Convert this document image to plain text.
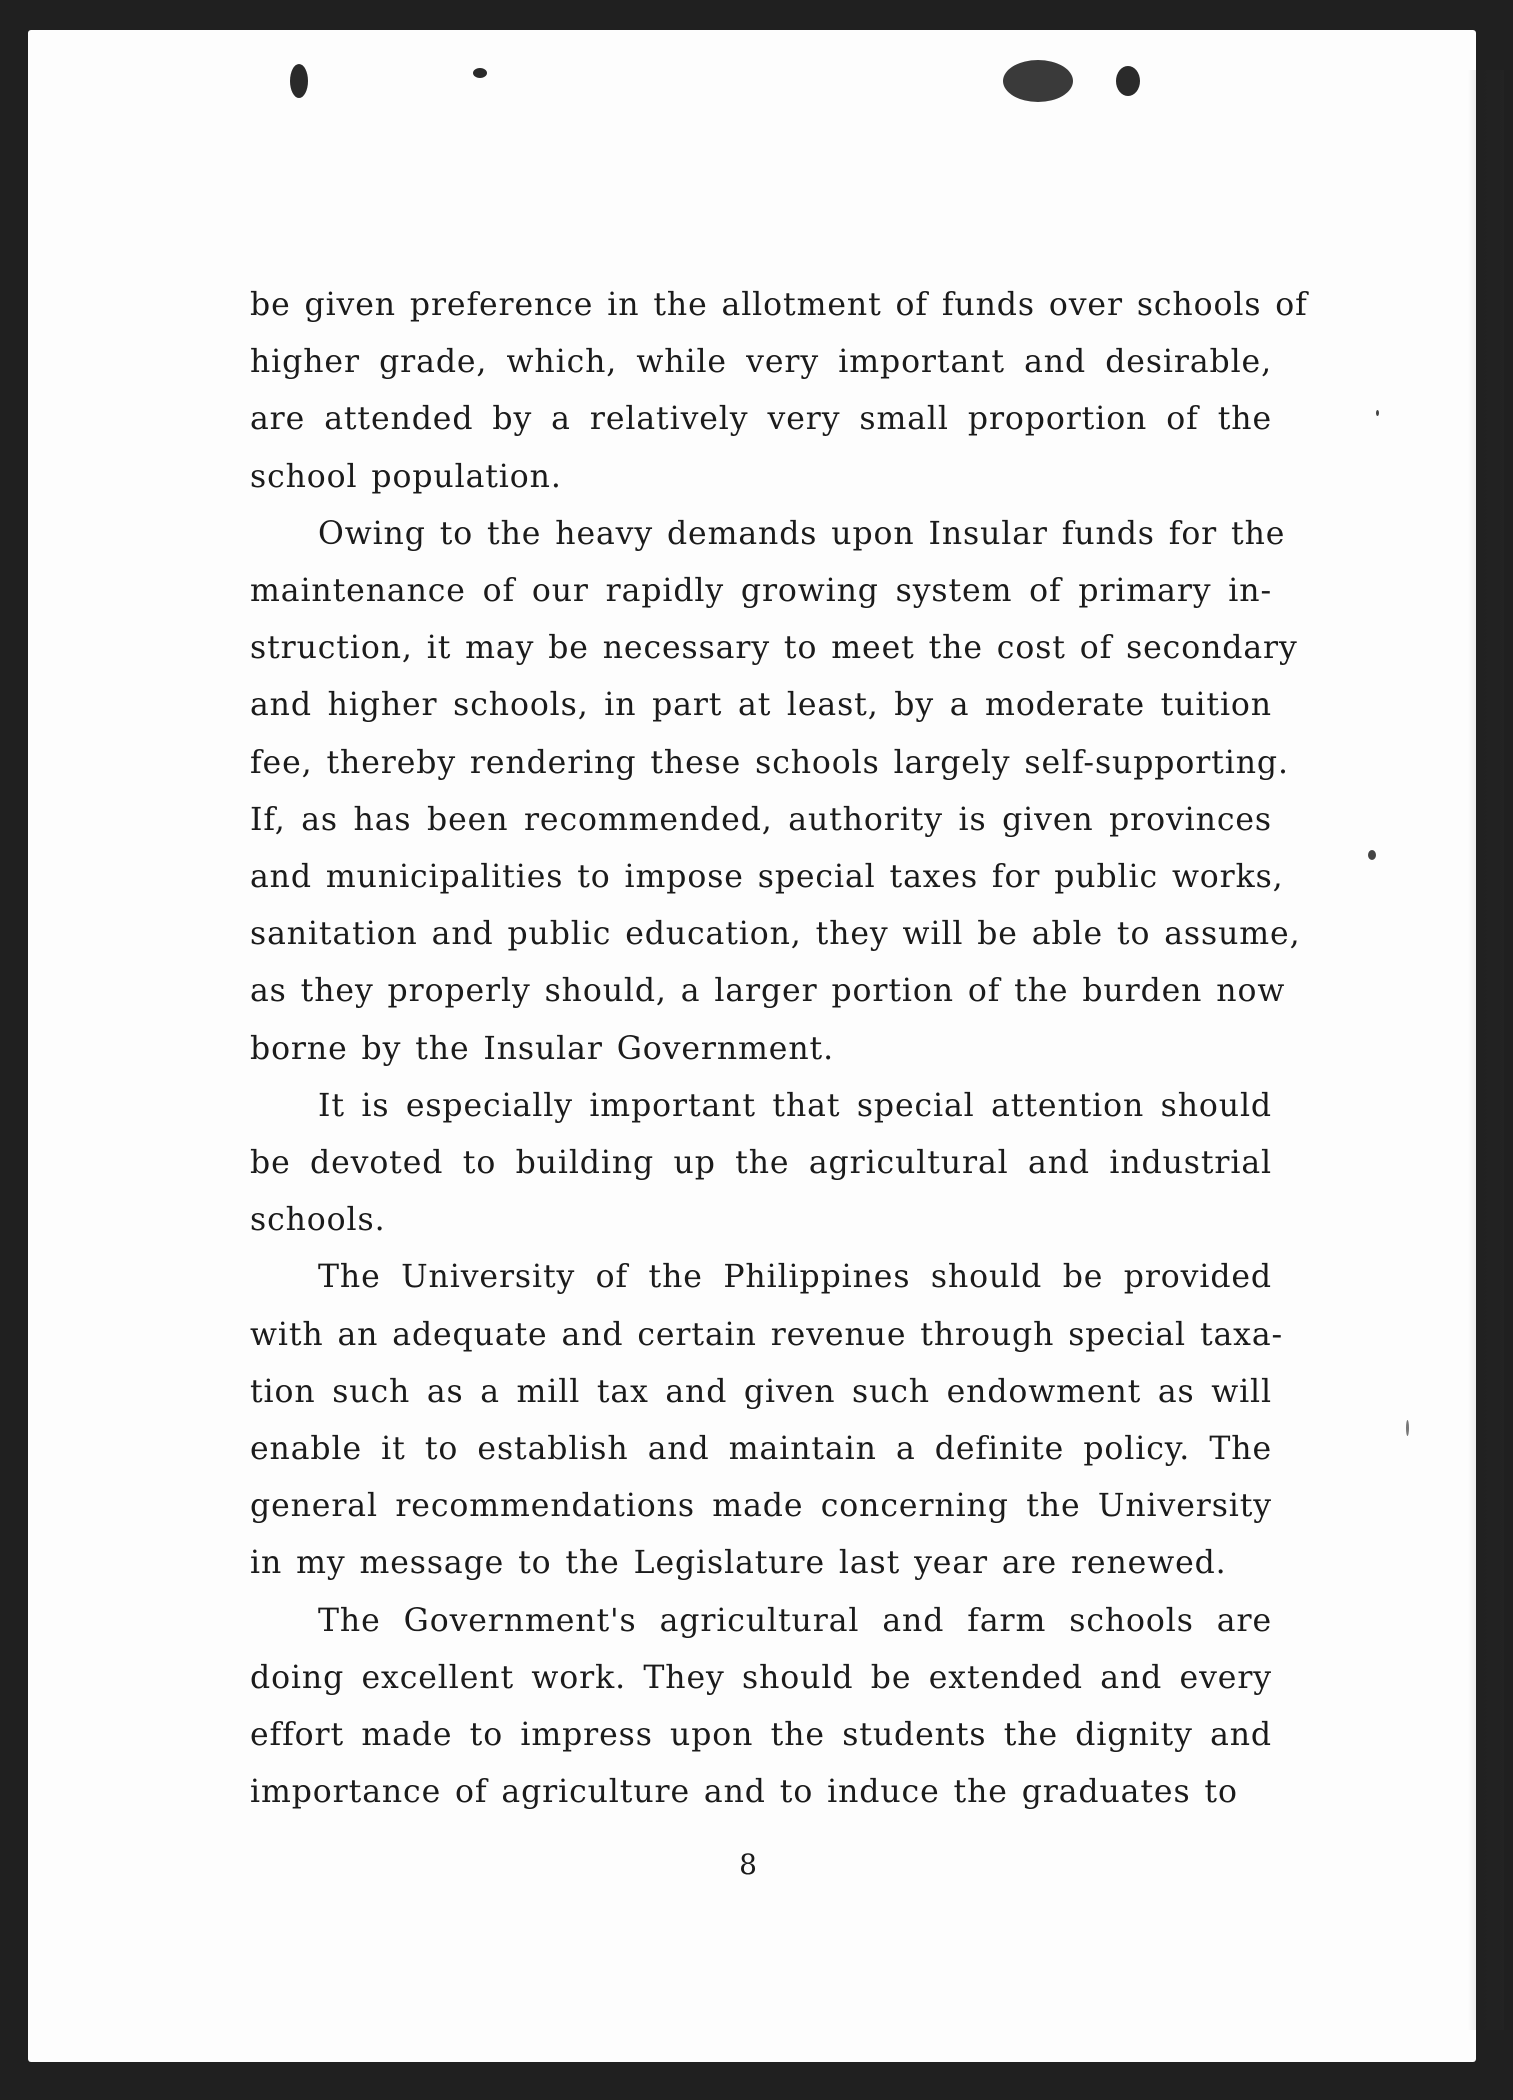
be given preference in the allotment of funds over schools of
higher grade, which, while very important and desirable,
are attended by a relatively very small proportion of the
school population.
Owing to the heavy demands upon Insular funds for the
maintenance of our rapidly growing system of primary in-
struction, it may be necessary to meet the cost of secondary
and higher schools, in part at least, by a moderate tuition
fee, thereby rendering these schools largely self-supporting.
If, as has been recommended, authority is given provinces
and municipalities to impose special taxes for public works,
sanitation and public education, they will be able to assume,
as they properly should, a larger portion of the burden now
borne by the Insular Government.
It is especially important that special attention should
be devoted to building up the agricultural and industrial
schools.
The University of the Philippines should be provided
with an adequate and certain revenue through special taxa-
tion such as a mill tax and given such endowment as will
enable it to establish and maintain a definite policy. The
general recommendations made concerning the University
in my message to the Legislature last year are renewed.
The Government's agricultural and farm schools are
doing excellent work. They should be extended and every
effort made to impress upon the students the dignity and
importance of agriculture and to induce the graduates to
8
